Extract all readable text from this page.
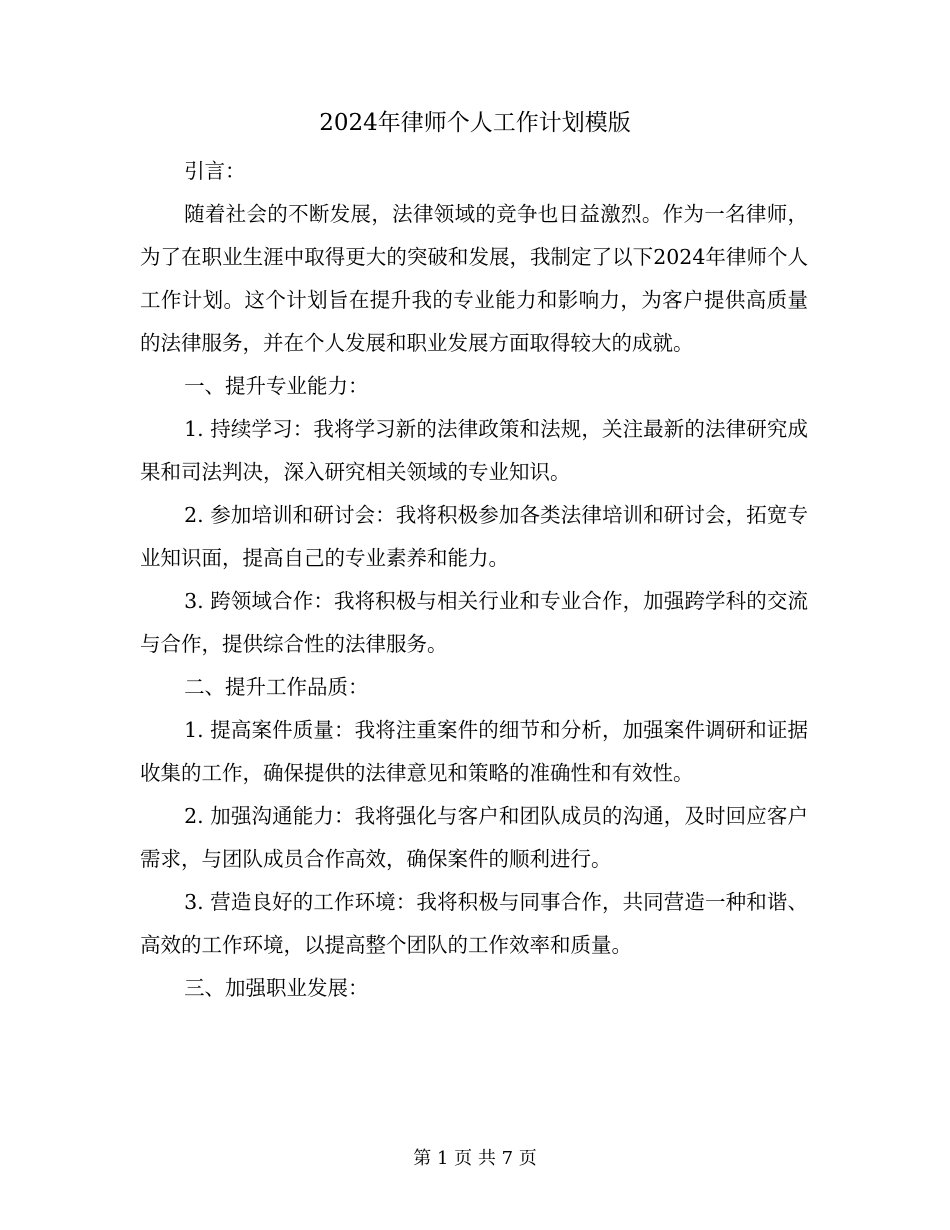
2024年律师个人工作计划模版

引言：

随着社会的不断发展，法律领域的竞争也日益激烈。作为一名律师，为了在职业生涯中取得更大的突破和发展，我制定了以下2024年律师个人工作计划。这个计划旨在提升我的专业能力和影响力，为客户提供高质量的法律服务，并在个人发展和职业发展方面取得较大的成就。

一、提升专业能力：

1. 持续学习：我将学习新的法律政策和法规，关注最新的法律研究成果和司法判决，深入研究相关领域的专业知识。

2. 参加培训和研讨会：我将积极参加各类法律培训和研讨会，拓宽专业知识面，提高自己的专业素养和能力。

3. 跨领域合作：我将积极与相关行业和专业合作，加强跨学科的交流与合作，提供综合性的法律服务。

二、提升工作品质：

1. 提高案件质量：我将注重案件的细节和分析，加强案件调研和证据收集的工作，确保提供的法律意见和策略的准确性和有效性。

2. 加强沟通能力：我将强化与客户和团队成员的沟通，及时回应客户需求，与团队成员合作高效，确保案件的顺利进行。

3. 营造良好的工作环境：我将积极与同事合作，共同营造一种和谐、高效的工作环境，以提高整个团队的工作效率和质量。

三、加强职业发展：

第 1 页 共 7 页
